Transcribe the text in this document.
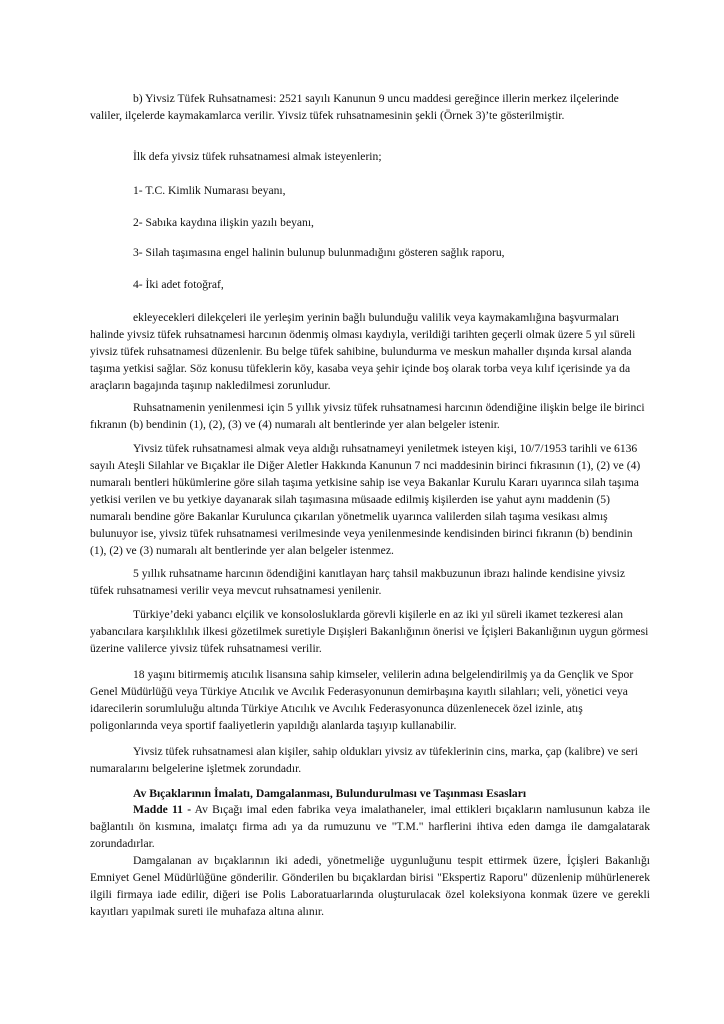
b) Yivsiz Tüfek Ruhsatnamesi: 2521 sayılı Kanunun 9 uncu maddesi gereğince illerin merkez ilçelerinde valiler, ilçelerde kaymakamlarca verilir. Yivsiz tüfek ruhsatnamesinin şekli (Örnek 3)’te gösterilmiştir.

İlk defa yivsiz tüfek ruhsatnamesi almak isteyenlerin;

1- T.C. Kimlik Numarası beyanı,

2- Sabıka kaydına ilişkin yazılı beyanı,

3- Silah taşımasına engel halinin bulunup bulunmadığını gösteren sağlık raporu,

4- İki adet fotoğraf,

ekleyecekleri dilekçeleri ile yerleşim yerinin bağlı bulunduğu valilik veya kaymakamlığına başvurmaları halinde yivsiz tüfek ruhsatnamesi harcının ödenmiş olması kaydıyla, verildiği tarihten geçerli olmak üzere 5 yıl süreli yivsiz tüfek ruhsatnamesi düzenlenir. Bu belge tüfek sahibine, bulundurma ve meskun mahaller dışında kırsal alanda taşıma yetkisi sağlar. Söz konusu tüfeklerin köy, kasaba veya şehir içinde boş olarak torba veya kılıf içerisinde ya da araçların bagajında taşınıp nakledilmesi zorunludur.

Ruhsatnamenin yenilenmesi için 5 yıllık yivsiz tüfek ruhsatnamesi harcının ödendiğine ilişkin belge ile birinci fıkranın (b) bendinin (1), (2), (3) ve (4) numaralı alt bentlerinde yer alan belgeler istenir.

Yivsiz tüfek ruhsatnamesi almak veya aldığı ruhsatnameyi yeniletmek isteyen kişi, 10/7/1953 tarihli ve 6136 sayılı Ateşli Silahlar ve Bıçaklar ile Diğer Aletler Hakkında Kanunun 7 nci maddesinin birinci fıkrasının (1), (2) ve (4) numaralı bentleri hükümlerine göre silah taşıma yetkisine sahip ise veya Bakanlar Kurulu Kararı uyarınca silah taşıma yetkisi verilen ve bu yetkiye dayanarak silah taşımasına müsaade edilmiş kişilerden ise yahut aynı maddenin (5) numaralı bendine göre Bakanlar Kurulunca çıkarılan yönetmelik uyarınca valilerden silah taşıma vesikası almış bulunuyor ise, yivsiz tüfek ruhsatnamesi verilmesinde veya yenilenmesinde kendisinden birinci fıkranın (b) bendinin (1), (2) ve (3) numaralı alt bentlerinde yer alan belgeler istenmez.

5 yıllık ruhsatname harcının ödendiğini kanıtlayan harç tahsil makbuzunun ibrazı halinde kendisine yivsiz tüfek ruhsatnamesi verilir veya mevcut ruhsatnamesi yenilenir.

Türkiye’deki yabancı elçilik ve konsolosluklarda görevli kişilerle en az iki yıl süreli ikamet tezkeresi alan yabancılara karşılıklılık ilkesi gözetilmek suretiyle Dışişleri Bakanlığının önerisi ve İçişleri Bakanlığının uygun görmesi üzerine valilerce yivsiz tüfek ruhsatnamesi verilir.

18 yaşını bitirmemiş atıcılık lisansına sahip kimseler, velilerin adına belgelendirilmiş ya da Gençlik ve Spor Genel Müdürlüğü veya Türkiye Atıcılık ve Avcılık Federasyonunun demirbaşına kayıtlı silahları; veli, yönetici veya idarecilerin sorumluluğu altında Türkiye Atıcılık ve Avcılık Federasyonunca düzenlenecek özel izinle, atış poligonlarında veya sportif faaliyetlerin yapıldığı alanlarda taşıyıp kullanabilir.

Yivsiz tüfek ruhsatnamesi alan kişiler, sahip oldukları yivsiz av tüfeklerinin cins, marka, çap (kalibre) ve seri numaralarını belgelerine işletmek zorundadır.

Av Bıçaklarının İmalatı, Damgalanması, Bulundurulması ve Taşınması Esasları

Madde 11 - Av Bıçağı imal eden fabrika veya imalathaneler, imal ettikleri bıçakların namlusunun kabza ile bağlantılı ön kısmına, imalatçı firma adı ya da rumuzunu ve "T.M." harflerini ihtiva eden damga ile damgalatarak zorundadırlar.

Damgalanan av bıçaklarının iki adedi, yönetmeliğe uygunluğunu tespit ettirmek üzere, İçişleri Bakanlığı Emniyet Genel Müdürlüğüne gönderilir. Gönderilen bu bıçaklardan birisi "Ekspertiz Raporu" düzenlenip mühürlenerek ilgili firmaya iade edilir, diğeri ise Polis Laboratuarlarında oluşturulacak özel koleksiyona konmak üzere ve gerekli kayıtları yapılmak sureti ile muhafaza altına alınır.
